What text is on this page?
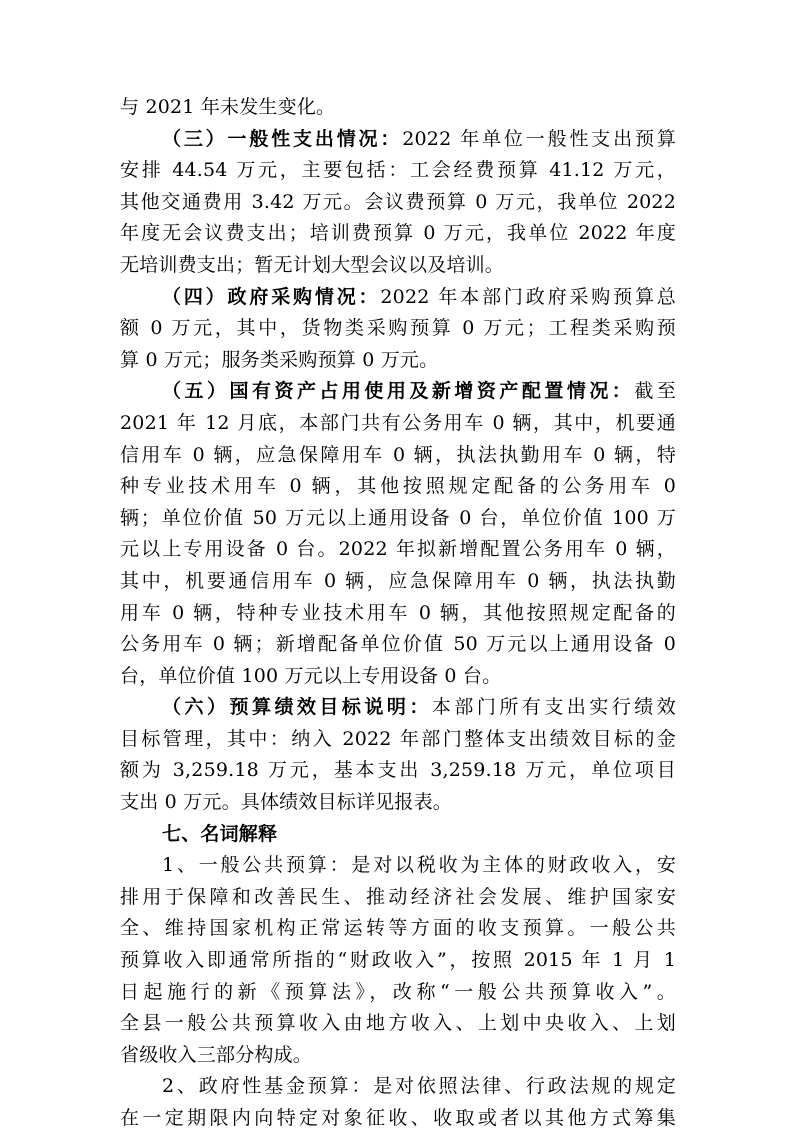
与 2021 年未发生变化。
（三）一般性支出情况：2022 年单位一般性支出预算
安排 44.54 万元，主要包括：工会经费预算 41.12 万元，
其他交通费用 3.42 万元。会议费预算 0 万元，我单位 2022
年度无会议费支出；培训费预算 0 万元，我单位 2022 年度
无培训费支出；暂无计划大型会议以及培训。
（四）政府采购情况：2022 年本部门政府采购预算总
额 0 万元，其中，货物类采购预算 0 万元；工程类采购预
算 0 万元；服务类采购预算 0 万元。
（五）国有资产占用使用及新增资产配置情况：截至
2021 年 12 月底，本部门共有公务用车 0 辆，其中，机要通
信用车 0 辆，应急保障用车 0 辆，执法执勤用车 0 辆，特
种专业技术用车 0 辆，其他按照规定配备的公务用车 0
辆；单位价值 50 万元以上通用设备 0 台，单位价值 100 万
元以上专用设备 0 台。2022 年拟新增配置公务用车 0 辆，
其中，机要通信用车 0 辆，应急保障用车 0 辆，执法执勤
用车 0 辆，特种专业技术用车 0 辆，其他按照规定配备的
公务用车 0 辆；新增配备单位价值 50 万元以上通用设备 0
台，单位价值 100 万元以上专用设备 0 台。
（六）预算绩效目标说明：本部门所有支出实行绩效
目标管理，其中：纳入 2022 年部门整体支出绩效目标的金
额为 3,259.18 万元，基本支出 3,259.18 万元，单位项目
支出 0 万元。具体绩效目标详见报表。
七、名词解释
1、一般公共预算：是对以税收为主体的财政收入，安
排用于保障和改善民生、推动经济社会发展、维护国家安
全、维持国家机构正常运转等方面的收支预算。一般公共
预算收入即通常所指的“财政收入”，按照 2015 年 1 月 1
日起施行的新《预算法》，改称“一般公共预算收入”。
全县一般公共预算收入由地方收入、上划中央收入、上划
省级收入三部分构成。
2、政府性基金预算：是对依照法律、行政法规的规定
在一定期限内向特定对象征收、收取或者以其他方式筹集
